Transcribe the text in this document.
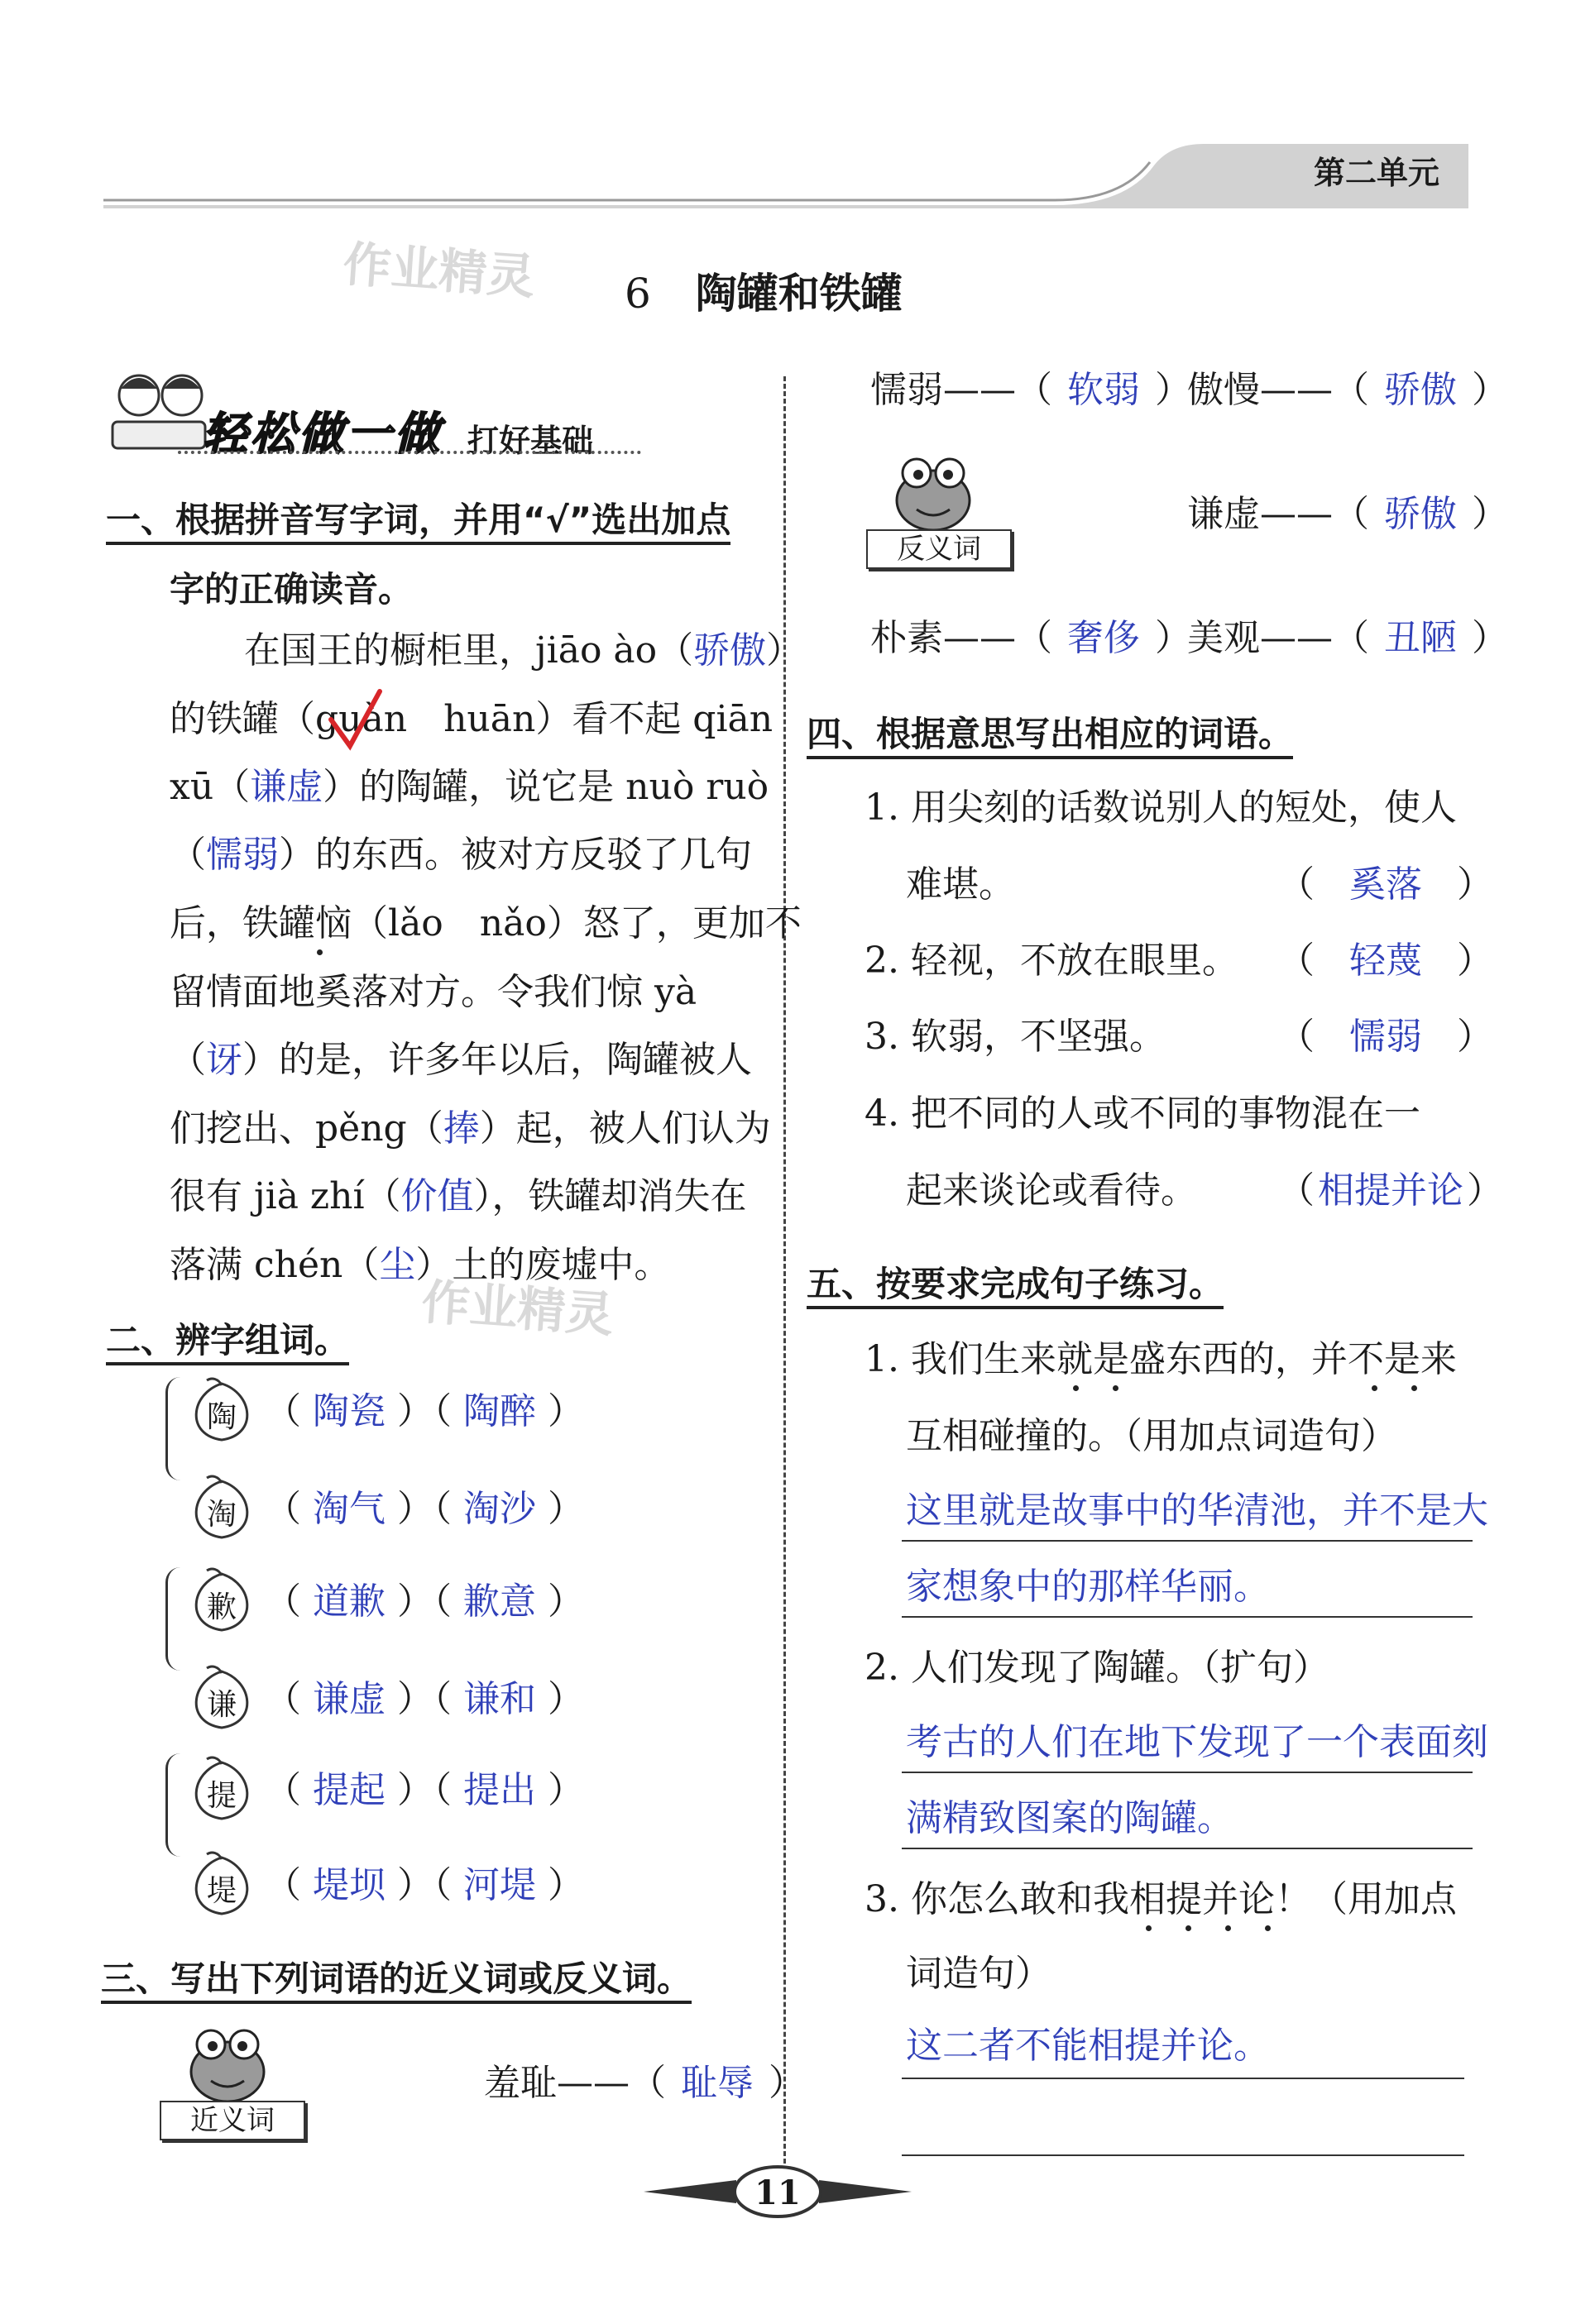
第二单元
作业精灵
作业精灵
6 陶罐和铁罐
轻松做一做 打好基础
一、根据拼音写字词，并用“√”选出加点
字的正确读音。
在国王的橱柜里，jiāo ào（骄傲）
的铁罐（guàn　huān）看不起 qiān
xū（谦虚）的陶罐，说它是 nuò ruò
（懦弱）的东西。被对方反驳了几句
后，铁罐恼（lǎo　nǎo）怒了，更加不
留情面地奚落对方。令我们惊 yà
（讶）的是，许多年以后，陶罐被人
们挖出、pěng（捧）起，被人们认为
很有 jià zhí（价值），铁罐却消失在
落满 chén（尘）土的废墟中。
二、辨字组词。
陶 （ 陶瓷 ）（ 陶醉 ）
淘 （ 淘气 ）（ 淘沙 ）
歉 （ 道歉 ）（ 歉意 ）
谦 （ 谦虚 ）（ 谦和 ）
提 （ 提起 ）（ 提出 ）
堤 （ 堤坝 ）（ 河堤 ）
三、写出下列词语的近义词或反义词。
近义词
羞耻——（ 耻辱 ）
懦弱——（ 软弱 ）
傲慢——（ 骄傲 ）
反义词
谦虚——（ 骄傲 ）
朴素——（ 奢侈 ）
美观——（ 丑陋 ）
四、根据意思写出相应的词语。
1. 用尖刻的话数说别人的短处，使人
难堪。	（ 奚落 ）
2. 轻视，不放在眼里。 （ 轻蔑 ）
3. 软弱，不坚强。	（ 懦弱 ）
4. 把不同的人或不同的事物混在一
起来谈论或看待。 （相提并论）
五、按要求完成句子练习。
1. 我们生来就是盛东西的，并不是来
互相碰撞的。（用加点词造句）
这里就是故事中的华清池，并不是大
家想象中的那样华丽。
2. 人们发现了陶罐。（扩句）
考古的人们在地下发现了一个表面刻
满精致图案的陶罐。
3. 你怎么敢和我相提并论！（用加点
词造句）
这二者不能相提并论。
11
